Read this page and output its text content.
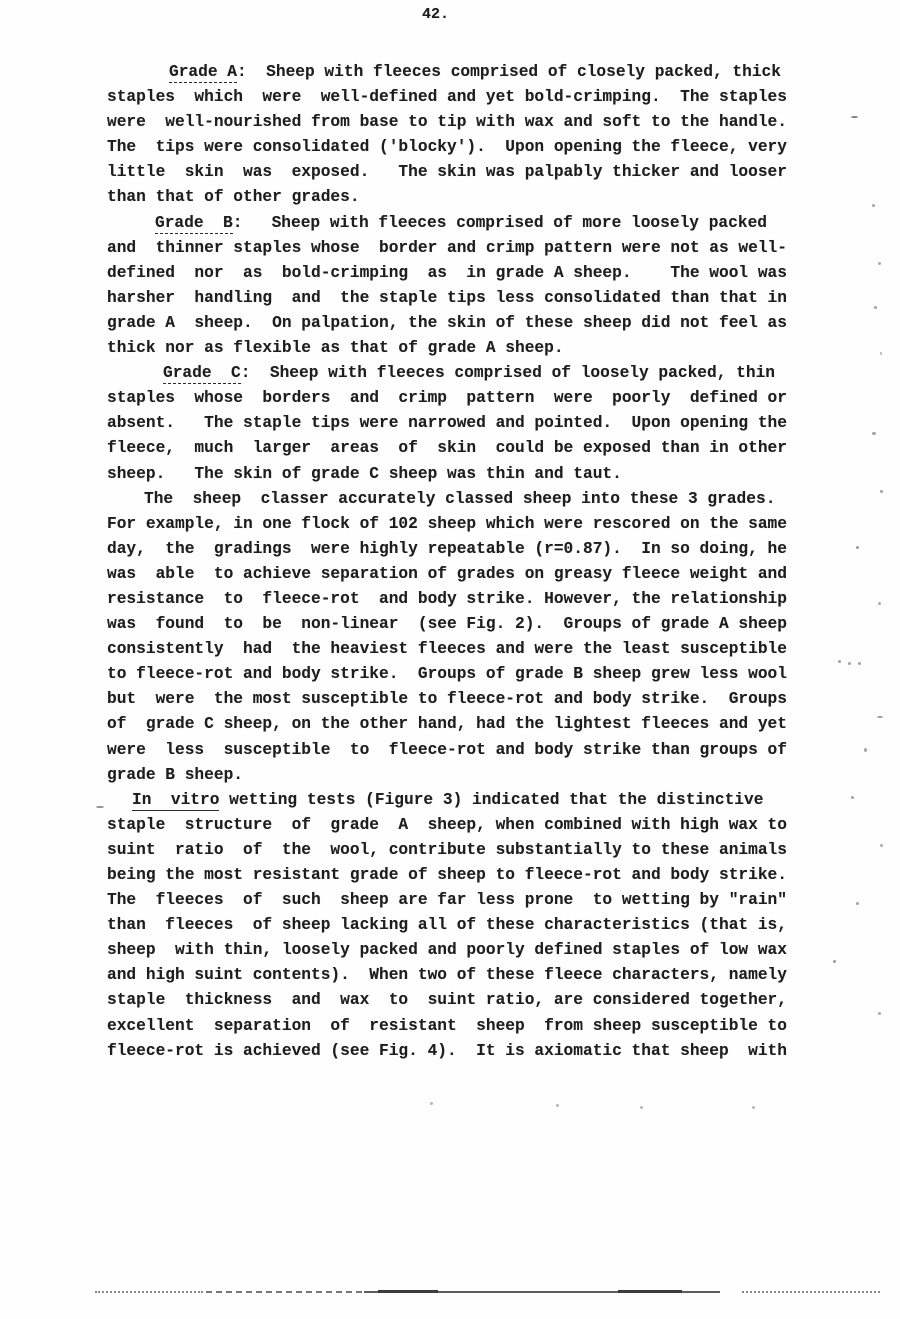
42.
Grade A:  Sheep with fleeces comprised of closely packed, thick
staples  which  were  well-defined and yet bold-crimping.  The staples
were  well-nourished from base to tip with wax and soft to the handle.
The  tips were consolidated ('blocky').  Upon opening the fleece, very
little  skin  was  exposed.   The skin was palpably thicker and looser
than that of other grades.
Grade  B:   Sheep with fleeces comprised of more loosely packed
and  thinner staples whose  border and crimp pattern were not as well-
defined  nor  as  bold-crimping  as  in grade A sheep.    The wool was
harsher  handling  and  the staple tips less consolidated than that in
grade A  sheep.  On palpation, the skin of these sheep did not feel as
thick nor as flexible as that of grade A sheep.
Grade  C:  Sheep with fleeces comprised of loosely packed, thin
staples  whose  borders  and  crimp  pattern  were  poorly  defined or
absent.   The staple tips were narrowed and pointed.  Upon opening the
fleece,  much  larger  areas  of  skin  could be exposed than in other
sheep.   The skin of grade C sheep was thin and taut.
The  sheep  classer accurately classed sheep into these 3 grades.
For example, in one flock of 102 sheep which were rescored on the same
day,  the  gradings  were highly repeatable (r=0.87).  In so doing, he
was  able  to achieve separation of grades on greasy fleece weight and
resistance  to  fleece-rot  and body strike. However, the relationship
was  found  to  be  non-linear  (see Fig. 2).  Groups of grade A sheep
consistently  had  the heaviest fleeces and were the least susceptible
to fleece-rot and body strike.  Groups of grade B sheep grew less wool
but  were  the most susceptible to fleece-rot and body strike.  Groups
of  grade C sheep, on the other hand, had the lightest fleeces and yet
were  less  susceptible  to  fleece-rot and body strike than groups of
grade B sheep.
In  vitro wetting tests (Figure 3) indicated that the distinctive
staple  structure  of  grade  A  sheep, when combined with high wax to
suint  ratio  of  the  wool, contribute substantially to these animals
being the most resistant grade of sheep to fleece-rot and body strike.
The  fleeces  of  such  sheep are far less prone  to wetting by "rain"
than  fleeces  of sheep lacking all of these characteristics (that is,
sheep  with thin, loosely packed and poorly defined staples of low wax
and high suint contents).  When two of these fleece characters, namely
staple  thickness  and  wax  to  suint ratio, are considered together,
excellent  separation  of  resistant  sheep  from sheep susceptible to
fleece-rot is achieved (see Fig. 4).  It is axiomatic that sheep  with
